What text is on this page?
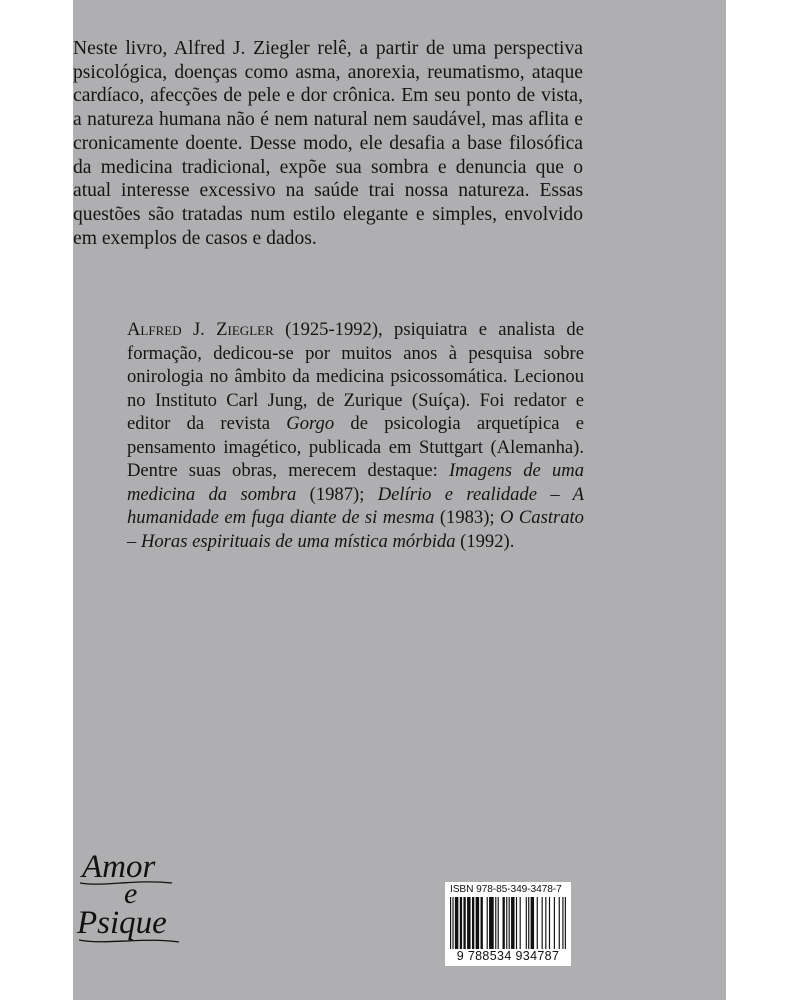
Neste livro, Alfred J. Ziegler relê, a partir de uma perspectiva psicológica, doenças como asma, anorexia, reumatismo, ataque cardíaco, afecções de pele e dor crônica. Em seu ponto de vista, a natureza humana não é nem natural nem saudável, mas aflita e cronicamente doente. Desse modo, ele desafia a base filosófica da medicina tradicional, expõe sua sombra e denuncia que o atual interesse excessivo na saúde trai nossa natureza. Essas questões são tratadas num estilo elegante e simples, envolvido em exemplos de casos e dados.

Alfred J. Ziegler (1925-1992), psiquiatra e analista de formação, dedicou-se por muitos anos à pesquisa sobre onirologia no âmbito da medicina psicossomática. Lecionou no Instituto Carl Jung, de Zurique (Suíça). Foi redator e editor da revista Gorgo de psicologia arquetípica e pensamento imagético, publicada em Stuttgart (Alemanha). Dentre suas obras, merecem destaque: Imagens de uma medicina da sombra (1987); Delírio e realidade – A humanidade em fuga diante de si mesma (1983); O Castrato – Horas espirituais de uma mística mórbida (1992).

Amor
e
Psique
ISBN 978-85-349-3478-7
9 788534 934787
